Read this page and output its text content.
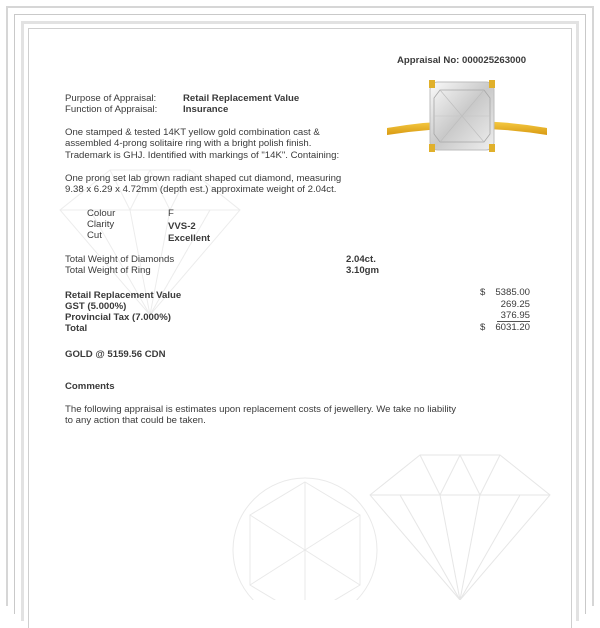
Appraisal No: 000025263000
Purpose of Appraisal:	Retail Replacement Value
Function of Appraisal:	Insurance
One stamped & tested 14KT yellow gold combination cast &
assembled 4-prong solitaire ring with a bright polish finish.
Trademark is GHJ. Identified with markings of "14K". Containing:
One prong set lab grown radiant shaped cut diamond, measuring
9.38 x 6.29 x 4.72mm (depth est.) approximate weight of 2.04ct.
Colour	F
Clarity	VVS-2
Cut	Excellent
Total Weight of Diamonds	2.04ct.
Total Weight of Ring	3.10gm
Retail Replacement Value	$	5385.00
GST (5.000%)	269.25
Provincial Tax (7.000%)	376.95
Total	$	6031.20
GOLD @ 5159.56 CDN
Comments
The following appraisal is estimates upon replacement costs of jewellery. We take no liability
to any action that could be taken.
